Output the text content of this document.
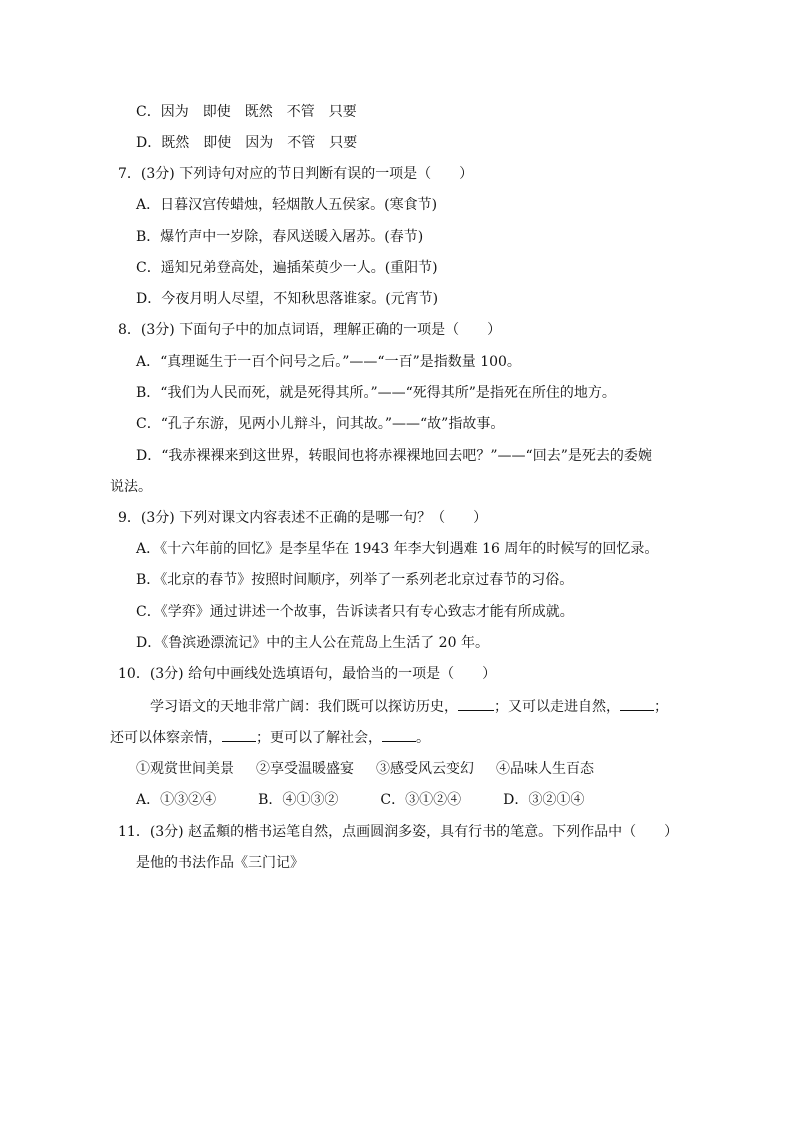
C．因为　即使　既然　不管　只要
D．既然　即使　因为　不管　只要
7．(3分) 下列诗句对应的节日判断有误的一项是（　　）
A．日暮汉宫传蜡烛，轻烟散人五侯家。(寒食节)
B．爆竹声中一岁除，春风送暖入屠苏。(春节)
C．遥知兄弟登高处，遍插茱萸少一人。(重阳节)
D．今夜月明人尽望，不知秋思落谁家。(元宵节)
8．(3分) 下面句子中的加点词语，理解正确的一项是（　　）
A．“真理诞生于一百个问号之后。”——“一百”是指数量 100。
B．“我们为人民而死，就是死得其所。”——“死得其所”是指死在所住的地方。
C．“孔子东游，见两小儿辩斗，问其故。”——“故”指故事。
D．“我赤裸裸来到这世界，转眼间也将赤裸裸地回去吧？”——“回去”是死去的委婉
说法。
9．(3分) 下列对课文内容表述不正确的是哪一句？（　　）
A．《十六年前的回忆》是李星华在 1943 年李大钊遇难 16 周年的时候写的回忆录。
B．《北京的春节》按照时间顺序，列举了一系列老北京过春节的习俗。
C．《学弈》通过讲述一个故事，告诉读者只有专心致志才能有所成就。
D．《鲁滨逊漂流记》中的主人公在荒岛上生活了 20 年。
10．(3分) 给句中画线处选填语句，最恰当的一项是（　　）
学习语文的天地非常广阔：我们既可以探访历史，	；又可以走进自然， ；
还可以体察亲情， ；更可以了解社会， 。
①观赏世间美景 ②享受温暖盛宴 ③感受风云变幻 ④品味人生百态
A．①③②④	B．④①③②	C．③①②④	D．③②①④
11．(3分) 赵孟頫的楷书运笔自然，点画圆润多姿，具有行书的笔意。下列作品中（　　）
是他的书法作品《三门记》
